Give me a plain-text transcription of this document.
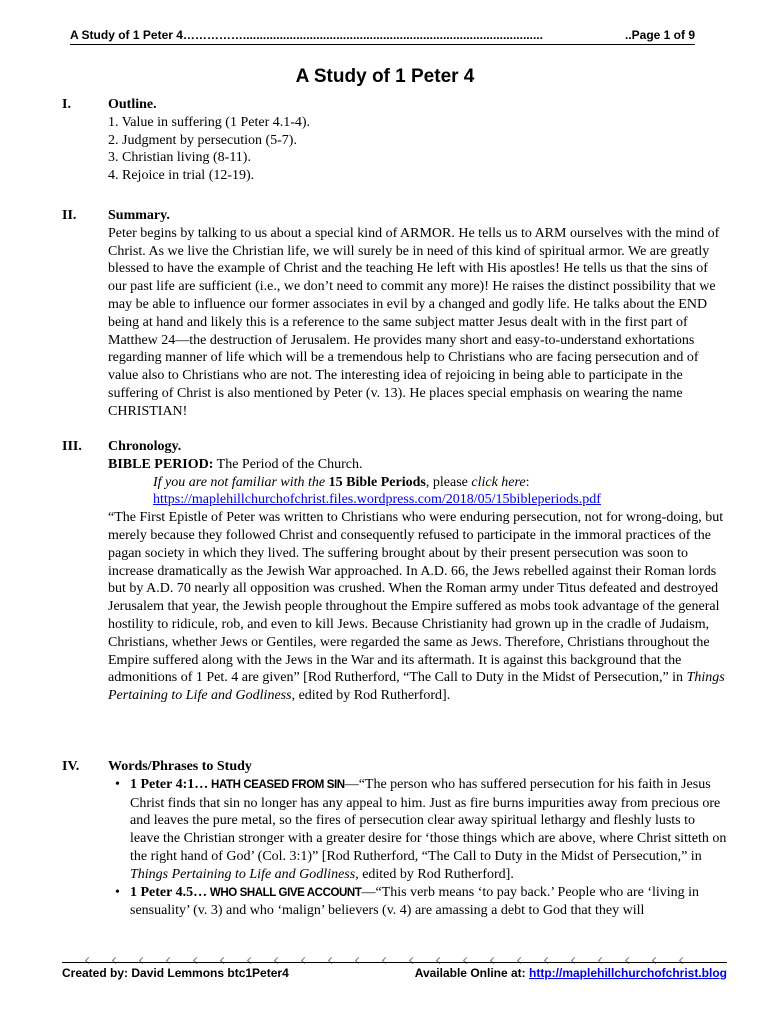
A Study of 1 Peter 4……………..........................................................................................	..Page 1 of 9
A Study of 1 Peter 4
I.	Outline.
1. Value in suffering (1 Peter 4.1-4).
2. Judgment by persecution (5-7).
3. Christian living (8-11).
4. Rejoice in trial (12-19).
II. Summary.

Peter begins by talking to us about a special kind of ARMOR. He tells us to ARM ourselves with the mind of Christ. As we live the Christian life, we will surely be in need of this kind of spiritual armor. We are greatly blessed to have the example of Christ and the teaching He left with His apostles! He tells us that the sins of our past life are sufficient (i.e., we don’t need to commit any more)! He raises the distinct possibility that we may be able to influence our former associates in evil by a changed and godly life. He talks about the END being at hand and likely this is a reference to the same subject matter Jesus dealt with in the first part of Matthew 24—the destruction of Jerusalem. He provides many short and easy-to-understand exhortations regarding manner of life which will be a tremendous help to Christians who are facing persecution and of value also to Christians who are not. The interesting idea of rejoicing in being able to participate in the suffering of Christ is also mentioned by Peter (v. 13). He places special emphasis on wearing the name CHRISTIAN!

III. Chronology.
BIBLE PERIOD: The Period of the Church.
If you are not familiar with the 15 Bible Periods, please click here:
https://maplehillchurchofchrist.files.wordpress.com/2018/05/15bibleperiods.pdf

“The First Epistle of Peter was written to Christians who were enduring persecution, not for wrong-doing, but merely because they followed Christ and consequently refused to participate in the immoral practices of the pagan society in which they lived. The suffering brought about by their present persecution was soon to increase dramatically as the Jewish War approached. In A.D. 66, the Jews rebelled against their Roman lords but by A.D. 70 nearly all opposition was crushed. When the Roman army under Titus defeated and destroyed Jerusalem that year, the Jewish people throughout the Empire suffered as mobs took advantage of the general hostility to ridicule, rob, and even to kill Jews. Because Christianity had grown up in the cradle of Judaism, Christians, whether Jews or Gentiles, were regarded the same as Jews. Therefore, Christians throughout the Empire suffered along with the Jews in the War and its aftermath. It is against this background that the admonitions of 1 Pet. 4 are given” [Rod Rutherford, “The Call to Duty in the Midst of Persecution,” in Things Pertaining to Life and Godliness, edited by Rod Rutherford].

IV. Words/Phrases to Study
• 1 Peter 4:1… HATH CEASED FROM SIN—“The person who has suffered persecution for his faith in Jesus Christ finds that sin no longer has any appeal to him. Just as fire burns impurities away from precious ore and leaves the pure metal, so the fires of persecution clear away spiritual lethargy and fleshly lusts to leave the Christian stronger with a greater desire for ‘those things which are above, where Christ sitteth on the right hand of God’ (Col. 3:1)” [Rod Rutherford, “The Call to Duty in the Midst of Persecution,” in Things Pertaining to Life and Godliness, edited by Rod Rutherford].
• 1 Peter 4.5… WHO SHALL GIVE ACCOUNT—“This verb means ‘to pay back.’ People who are ‘living in sensuality’ (v. 3) and who ‘malign’ believers (v. 4) are amassing a debt to God that they will
Created by: David Lemmons btc1Peter4	Available Online at: http://maplehillchurchofchrist.blog
